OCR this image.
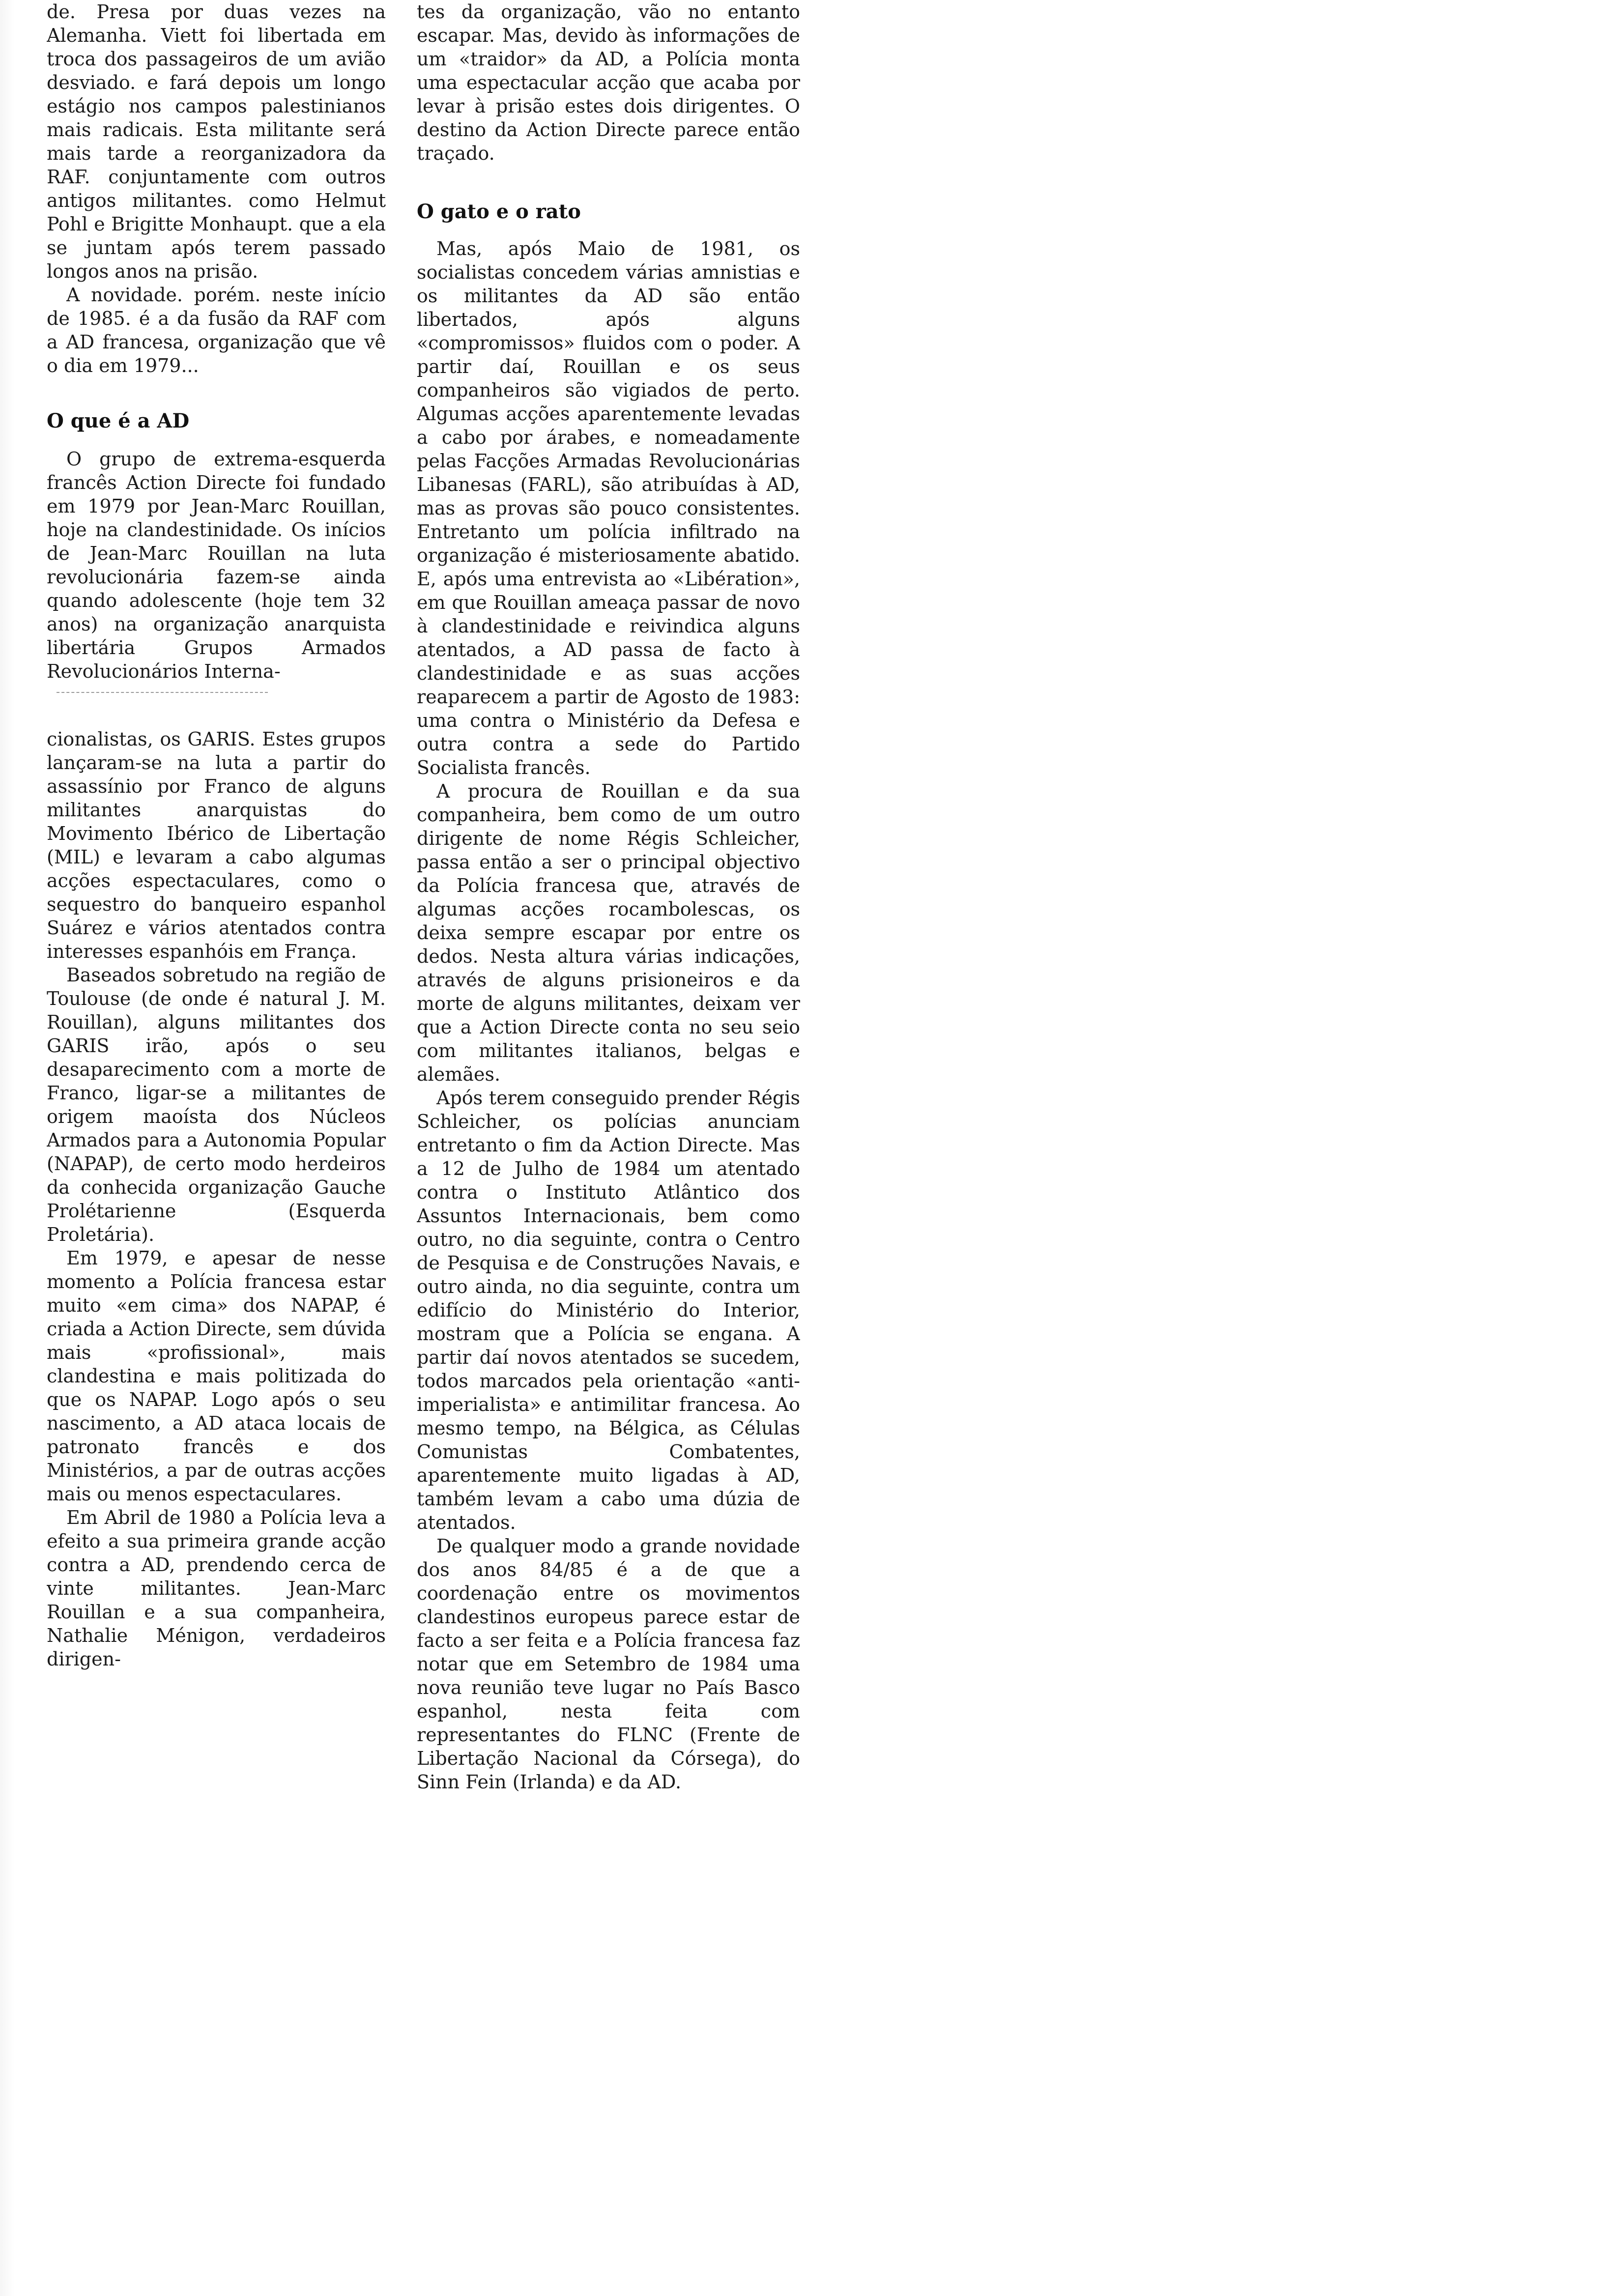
de. Presa por duas vezes na Alemanha. Viett foi libertada em troca dos passageiros de um avião desviado. e fará depois um longo estágio nos campos palestinianos mais radicais. Esta militante será mais tarde a reorganizadora da RAF. conjuntamente com outros antigos militantes. como Helmut Pohl e Brigitte Monhaupt. que a ela se juntam após terem passado longos anos na prisão.

A novidade. porém. neste início de 1985. é a da fusão da RAF com a AD francesa, organização que vê o dia em 1979...

O que é a AD

O grupo de extrema-esquerda francês Action Directe foi fundado em 1979 por Jean-Marc Rouillan, hoje na clandestinidade. Os inícios de Jean-Marc Rouillan na luta revolucionária fazem-se ainda quando adolescente (hoje tem 32 anos) na organização anarquista libertária Grupos Armados Revolucionários Interna-

cionalistas, os GARIS. Estes grupos lançaram-se na luta a partir do assassínio por Franco de alguns militantes anarquistas do Movimento Ibérico de Libertação (MIL) e levaram a cabo algumas acções espectaculares, como o sequestro do banqueiro espanhol Suárez e vários atentados contra interesses espanhóis em França.

Baseados sobretudo na região de Toulouse (de onde é natural J. M. Rouillan), alguns militantes dos GARIS irão, após o seu desaparecimento com a morte de Franco, ligar-se a militantes de origem maoísta dos Núcleos Armados para a Autonomia Popular (NAPAP), de certo modo herdeiros da conhecida organização Gauche Prolétarienne (Esquerda Proletária).

Em 1979, e apesar de nesse momento a Polícia francesa estar muito «em cima» dos NAPAP, é criada a Action Directe, sem dúvida mais «profissional», mais clandestina e mais politizada do que os NAPAP. Logo após o seu nascimento, a AD ataca locais de patronato francês e dos Ministérios, a par de outras acções mais ou menos espectaculares.

Em Abril de 1980 a Polícia leva a efeito a sua primeira grande acção contra a AD, prendendo cerca de vinte militantes. Jean-Marc Rouillan e a sua companheira, Nathalie Ménigon, verdadeiros dirigen-

tes da organização, vão no entanto escapar. Mas, devido às informações de um «traidor» da AD, a Polícia monta uma espectacular acção que acaba por levar à prisão estes dois dirigentes. O destino da Action Directe parece então traçado.

O gato e o rato

Mas, após Maio de 1981, os socialistas concedem várias amnistias e os militantes da AD são então libertados, após alguns «compromissos» fluidos com o poder. A partir daí, Rouillan e os seus companheiros são vigiados de perto. Algumas acções aparentemente levadas a cabo por árabes, e nomeadamente pelas Facções Armadas Revolucionárias Libanesas (FARL), são atribuídas à AD, mas as provas são pouco consistentes. Entretanto um polícia infiltrado na organização é misteriosamente abatido. E, após uma entrevista ao «Libération», em que Rouillan ameaça passar de novo à clandestinidade e reivindica alguns atentados, a AD passa de facto à clandestinidade e as suas acções reaparecem a partir de Agosto de 1983: uma contra o Ministério da Defesa e outra contra a sede do Partido Socialista francês.

A procura de Rouillan e da sua companheira, bem como de um outro dirigente de nome Régis Schleicher, passa então a ser o principal objectivo da Polícia francesa que, através de algumas acções rocambolescas, os deixa sempre escapar por entre os dedos. Nesta altura várias indicações, através de alguns prisioneiros e da morte de alguns militantes, deixam ver que a Action Directe conta no seu seio com militantes italianos, belgas e alemães.

Após terem conseguido prender Régis Schleicher, os polícias anunciam entretanto o fim da Action Directe. Mas a 12 de Julho de 1984 um atentado contra o Instituto Atlântico dos Assuntos Internacionais, bem como outro, no dia seguinte, contra o Centro de Pesquisa e de Construções Navais, e outro ainda, no dia seguinte, contra um edifício do Ministério do Interior, mostram que a Polícia se engana. A partir daí novos atentados se sucedem, todos marcados pela orientação «anti-imperialista» e antimilitar francesa. Ao mesmo tempo, na Bélgica, as Células Comunistas Combatentes, aparentemente muito ligadas à AD, também levam a cabo uma dúzia de atentados.

De qualquer modo a grande novidade dos anos 84/85 é a de que a coordenação entre os movimentos clandestinos europeus parece estar de facto a ser feita e a Polícia francesa faz notar que em Setembro de 1984 uma nova reunião teve lugar no País Basco espanhol, nesta feita com representantes do FLNC (Frente de Libertação Nacional da Córsega), do Sinn Fein (Irlanda) e da AD.
